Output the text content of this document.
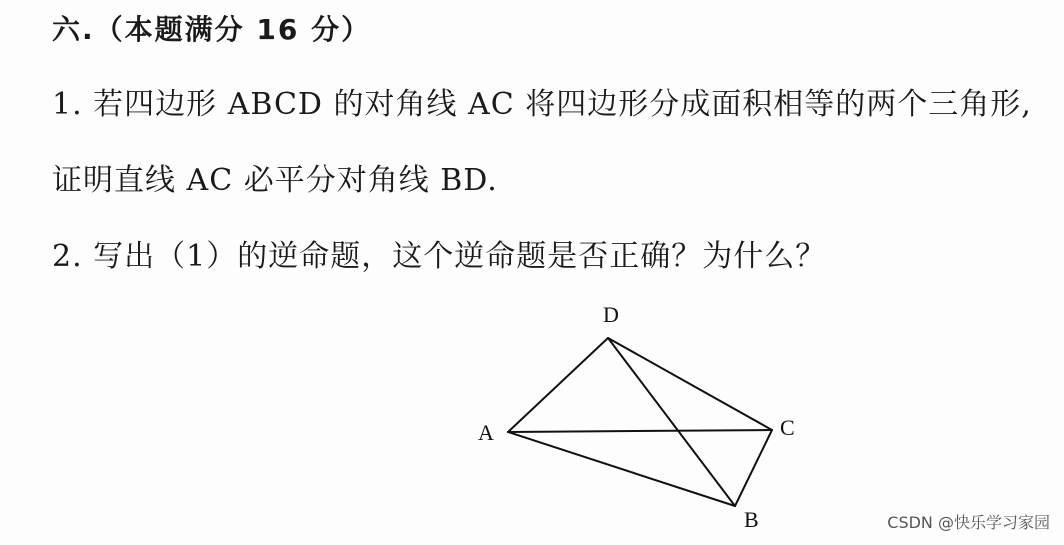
六.（本题满分 16 分）
1. 若四边形 ABCD 的对角线 AC 将四边形分成面积相等的两个三角形,
证明直线 AC 必平分对角线 BD.
2. 写出（1）的逆命题，这个逆命题是否正确？为什么？
D
A	C
B	CSDN @快乐学习家园
